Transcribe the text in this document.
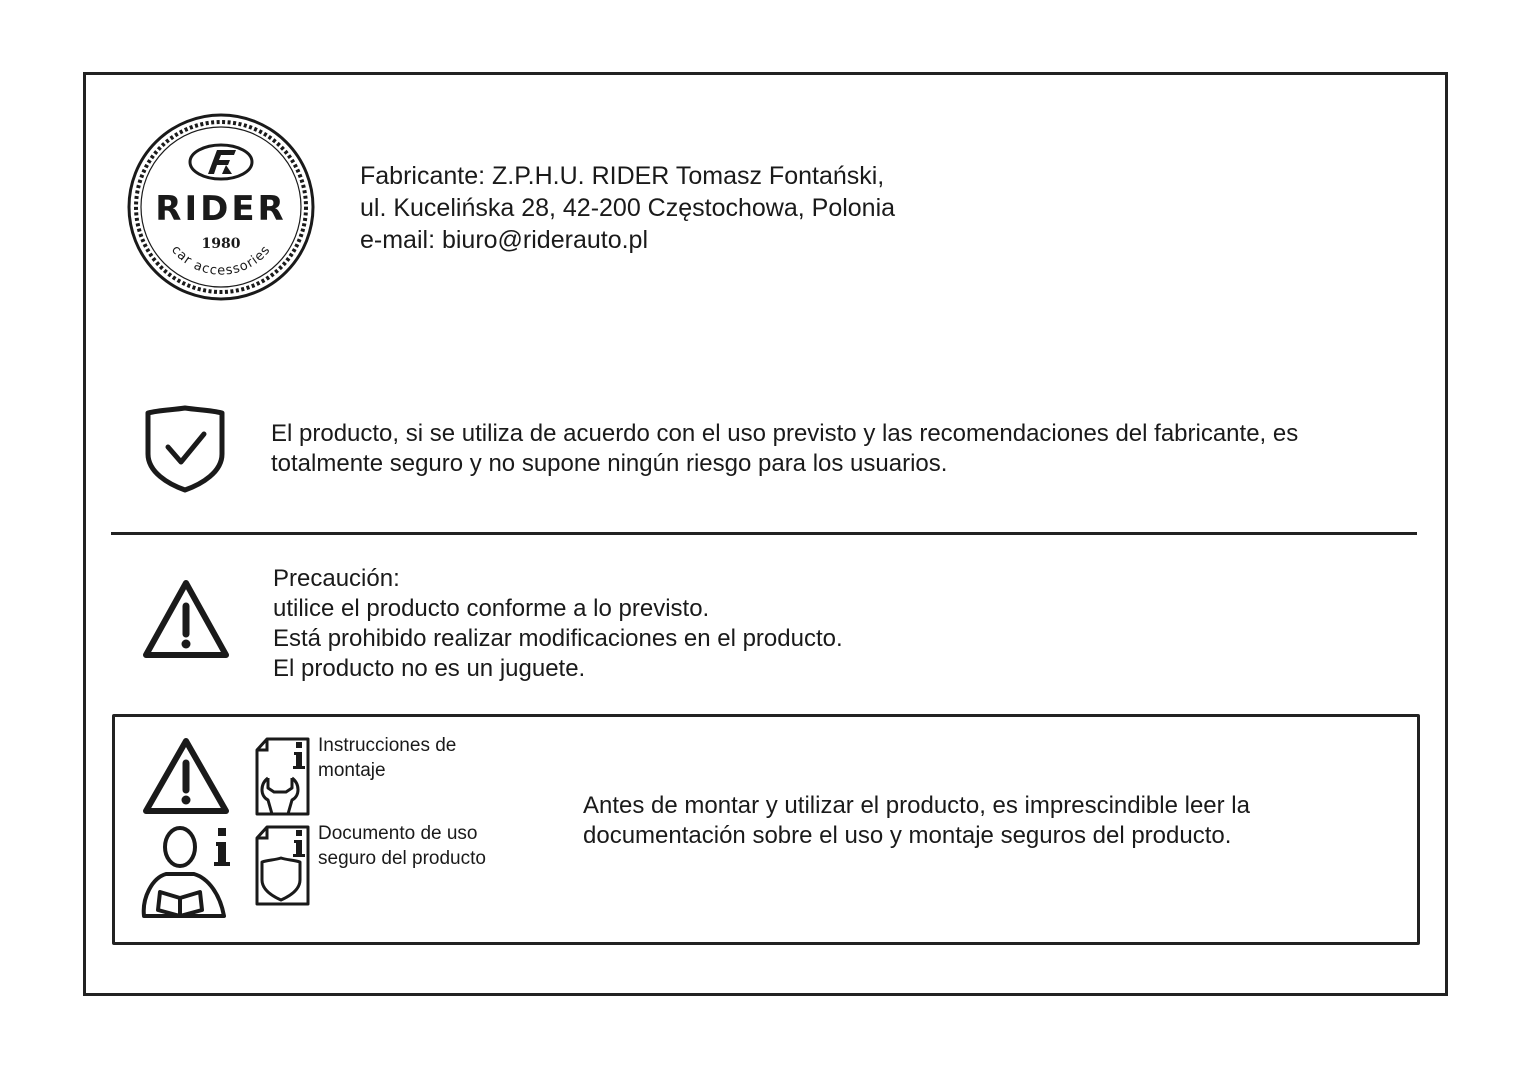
RIDER
1980
car accessories
Fabricante: Z.P.H.U. RIDER Tomasz Fontański,
ul. Kucelińska 28, 42-200 Częstochowa, Polonia
e-mail: biuro@riderauto.pl
El producto, si se utiliza de acuerdo con el uso previsto y las recomendaciones del fabricante, es totalmente seguro y no supone ningún riesgo para los usuarios.
Precaución:
utilice el producto conforme a lo previsto.
Está prohibido realizar modificaciones en el producto.
El producto no es un juguete.
Instrucciones de montaje
Documento de uso seguro del producto
Antes de montar y utilizar el producto, es imprescindible leer la
documentación sobre el uso y montaje seguros del producto.
